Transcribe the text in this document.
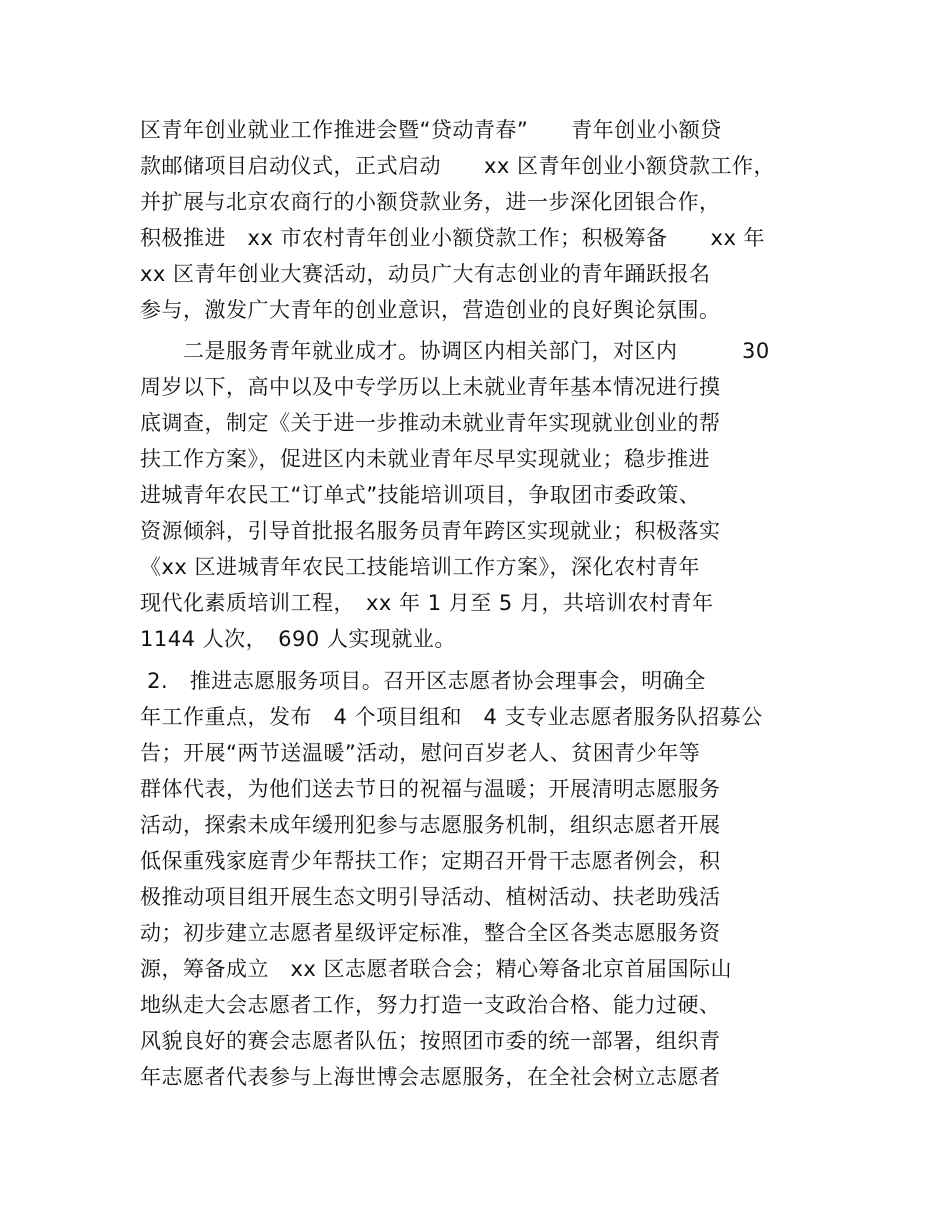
区青年创业就业工作推进会暨“贷动青春”　　青年创业小额贷
款邮储项目启动仪式，正式启动　　xx 区青年创业小额贷款工作，
并扩展与北京农商行的小额贷款业务，进一步深化团银合作，
积极推进　xx 市农村青年创业小额贷款工作；积极筹备　　xx 年
xx 区青年创业大赛活动，动员广大有志创业的青年踊跃报名
参与，激发广大青年的创业意识，营造创业的良好舆论氛围。
　　二是服务青年就业成才。协调区内相关部门，对区内　　　30
周岁以下，高中以及中专学历以上未就业青年基本情况进行摸
底调查，制定《关于进一步推动未就业青年实现就业创业的帮
扶工作方案》，促进区内未就业青年尽早实现就业；稳步推进
进城青年农民工“订单式”技能培训项目，争取团市委政策、
资源倾斜，引导首批报名服务员青年跨区实现就业；积极落实
《xx 区进城青年农民工技能培训工作方案》，深化农村青年
现代化素质培训工程，　xx 年 1 月至 5 月，共培训农村青年
1144 人次，　690 人实现就业。
2.　推进志愿服务项目。召开区志愿者协会理事会，明确全
年工作重点，发布　4 个项目组和　4 支专业志愿者服务队招募公
告；开展“两节送温暖”活动，慰问百岁老人、贫困青少年等
群体代表，为他们送去节日的祝福与温暖；开展清明志愿服务
活动，探索未成年缓刑犯参与志愿服务机制，组织志愿者开展
低保重残家庭青少年帮扶工作；定期召开骨干志愿者例会，积
极推动项目组开展生态文明引导活动、植树活动、扶老助残活
动；初步建立志愿者星级评定标准，整合全区各类志愿服务资
源，筹备成立　xx 区志愿者联合会；精心筹备北京首届国际山
地纵走大会志愿者工作，努力打造一支政治合格、能力过硬、
风貌良好的赛会志愿者队伍；按照团市委的统一部署，组织青
年志愿者代表参与上海世博会志愿服务，在全社会树立志愿者
